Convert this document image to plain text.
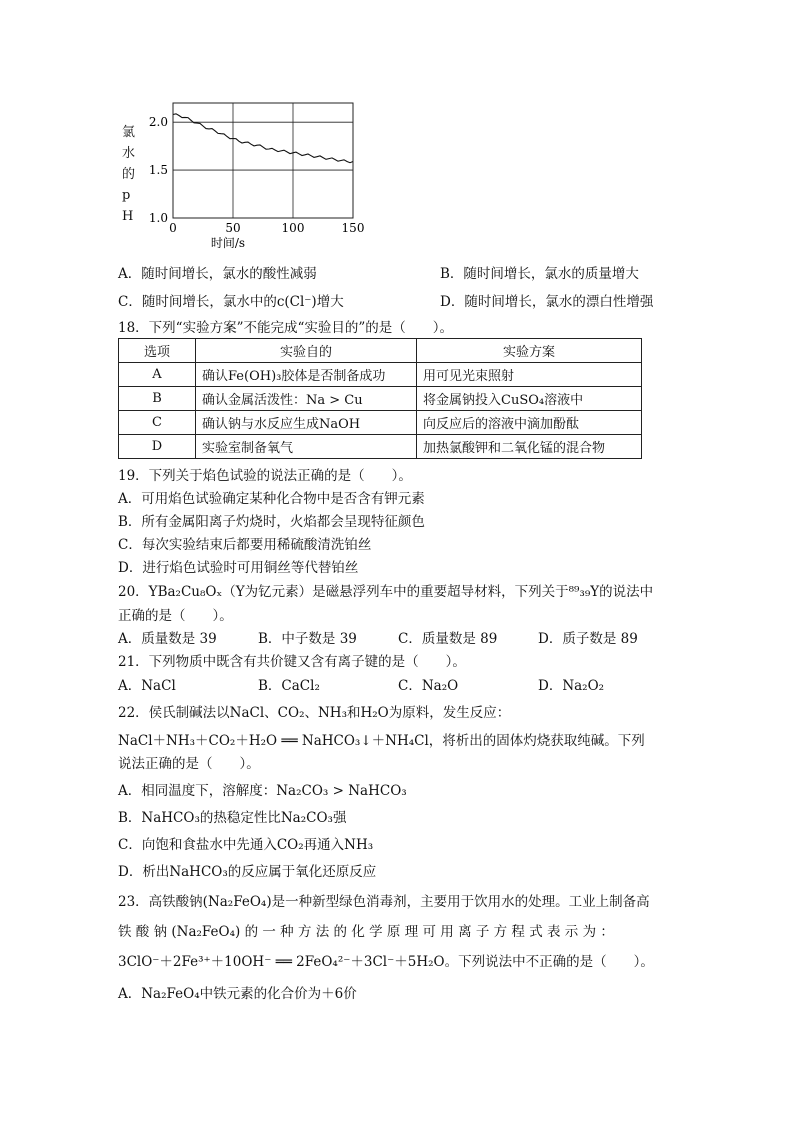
氯水的pH
0	50	100	150
1.0
1.5
2.0
时间/s
A．随时间增长，氯水的酸性减弱	B．随时间增长，氯水的质量增大
C．随时间增长，氯水中的c(Cl⁻)增大	D．随时间增长，氯水的漂白性增强
18．下列“实验方案”不能完成“实验目的”的是（　　）。
选项	实验自的	实验方案
A	确认Fe(OH)₃胶体是否制备成功	用可见光束照射
B	确认金属活泼性：Na > Cu	将金属钠投入CuSO₄溶液中
C	确认钠与水反应生成NaOH	向反应后的溶液中滴加酚酞
D	实验室制备氧气	加热氯酸钾和二氧化锰的混合物
19．下列关于焰色试验的说法正确的是（　　）。
A．可用焰色试验确定某种化合物中是否含有钾元素
B．所有金属阳离子灼烧时，火焰都会呈现特征颜色
C．每次实验结束后都要用稀硫酸清洗铂丝
D．进行焰色试验时可用铜丝等代替铂丝
20．YBa₂Cu₈Oₓ（Y为钇元素）是磁悬浮列车中的重要超导材料，下列关于⁸⁹₃₉Y的说法中
正确的是（　　）。
A．质量数是 39	B．中子数是 39	C．质量数是 89	D．质子数是 89
21．下列物质中既含有共价键又含有离子键的是（　　）。
A．NaCl	B．CaCl₂	C．Na₂O	D．Na₂O₂
22．侯氏制碱法以NaCl、CO₂、NH₃和H₂O为原料，发生反应：
NaCl＋NH₃＋CO₂＋H₂O ══ NaHCO₃↓＋NH₄Cl，将析出的固体灼烧获取纯碱。下列
说法正确的是（　　）。
A．相同温度下，溶解度：Na₂CO₃ > NaHCO₃
B．NaHCO₃的热稳定性比Na₂CO₃强
C．向饱和食盐水中先通入CO₂再通入NH₃
D．析出NaHCO₃的反应属于氧化还原反应
23．高铁酸钠(Na₂FeO₄)是一种新型绿色消毒剂，主要用于饮用水的处理。工业上制备高
铁 酸 钠 (Na₂FeO₄) 的 一 种 方 法 的 化 学 原 理 可 用 离 子 方 程 式 表 示 为 ：
3ClO⁻＋2Fe³⁺＋10OH⁻ ══ 2FeO₄²⁻＋3Cl⁻＋5H₂O。下列说法中不正确的是（　　）。
A．Na₂FeO₄中铁元素的化合价为＋6价
